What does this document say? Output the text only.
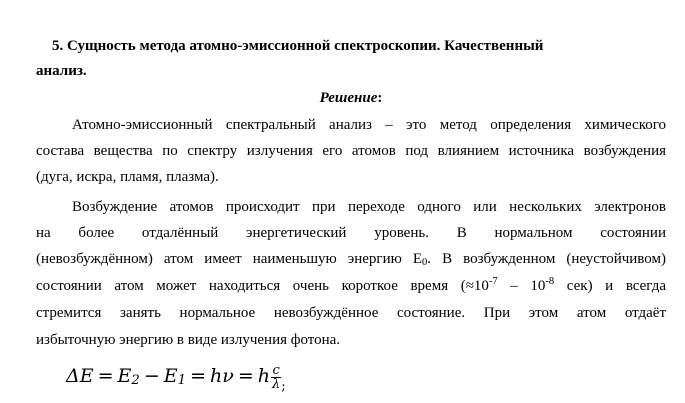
5. Сущность метода атомно-эмиссионной спектроскопии. Качественный
анализ.
Решение:
Атомно-эмиссионный спектральный анализ – это метод определения химического
состава вещества по спектру излучения его атомов под влиянием источника возбуждения
(дуга, искра, пламя, плазма).
Возбуждение атомов происходит при переходе одного или нескольких электронов
на более отдалённый энергетический уровень. В нормальном состоянии
(невозбуждённом) атом имеет наименьшую энергию $E_0$. В возбужденном (неустойчивом)
состоянии атом может находиться очень короткое время ($\approx 10^{-7} - 10^{-8}$ сек) и всегда
стремится занять нормальное невозбуждённое состояние. При этом атом отдаёт
избыточную энергию в виде излучения фотона.
$\Delta E = E_2 - E_1 = h\nu = h \frac{c}{\lambda} _;$
